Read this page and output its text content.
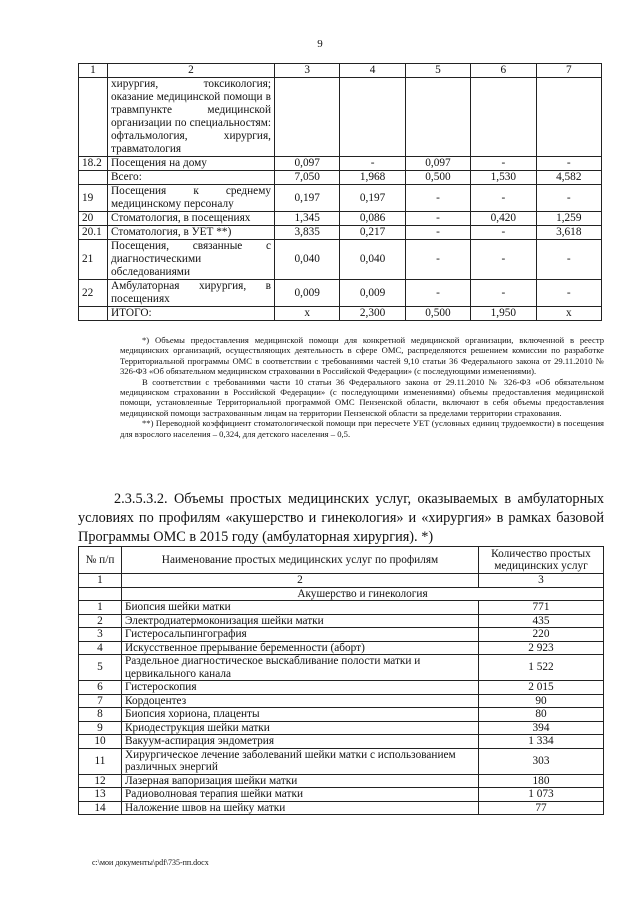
9
1	2	3	4	5	6	7
	хирургия, токсикология; оказание медицинской помощи в травмпункте медицинской организации по специальностям: офтальмология, хирургия, травматология					
18.2	Посещения на дому	0,097	-	0,097	-	-
	Всего:	7,050	1,968	0,500	1,530	4,582
19	Посещения к среднему медицинскому персоналу	0,197	0,197	-	-	-
20	Стоматология, в посещениях	1,345	0,086	-	0,420	1,259
20.1	Стоматология, в УЕТ **)	3,835	0,217	-	-	3,618
21	Посещения, связанные с диагностическими обследованиями	0,040	0,040	-	-	-
22	Амбулаторная хирургия, в посещениях	0,009	0,009	-	-	-
	ИТОГО:	х	2,300	0,500	1,950	х

*) Объемы предоставления медицинской помощи для конкретной медицинской организации, включенной в реестр медицинских организаций, осуществляющих деятельность в сфере ОМС, распределяются решением комиссии по разработке Территориальной программы ОМС в соответствии с требованиями частей 9,10 статьи 36 Федерального закона от 29.11.2010 № 326-ФЗ «Об обязательном медицинском страховании в Российской Федерации» (с последующими изменениями).

В соответствии с требованиями части 10 статьи 36 Федерального закона от 29.11.2010 № 326-ФЗ «Об обязательном медицинском страховании в Российской Федерации» (с последующими изменениями) объемы предоставления медицинской помощи, установленные Территориальной программой ОМС Пензенской области, включают в себя объемы предоставления медицинской помощи застрахованным лицам на территории Пензенской области за пределами территории страхования.

**) Переводной коэффициент стоматологической помощи при пересчете УЕТ (условных единиц трудоемкости) в посещения для взрослого населения – 0,324, для детского населения – 0,5.

2.3.5.3.2. Объемы простых медицинских услуг, оказываемых в амбулаторных условиях по профилям «акушерство и гинекология» и «хирургия» в рамках базовой Программы ОМС в 2015 году (амбулаторная хирургия). *)
№ п/п	Наименование простых медицинских услуг по профилям	Количество простых медицинских услуг
1	2	3
	Акушерство и гинекология	
1	Биопсия шейки матки	771
2	Электродиатермоконизация шейки матки	435
3	Гистеросальпингография	220
4	Искусственное прерывание беременности (аборт)	2 923
5	Раздельное диагностическое выскабливание полости матки и цервикального канала	1 522
6	Гистероскопия	2 015
7	Кордоцентез	90
8	Биопсия хориона, плаценты	80
9	Криодеструкция шейки матки	394
10	Вакуум-аспирация эндометрия	1 334
11	Хирургическое лечение заболеваний шейки матки с использованием различных энергий	303
12	Лазерная вапоризация шейки матки	180
13	Радиоволновая терапия шейки матки	1 073
14	Наложение швов на шейку матки	77
c:\мои документы\pdf\735-пп.docx
